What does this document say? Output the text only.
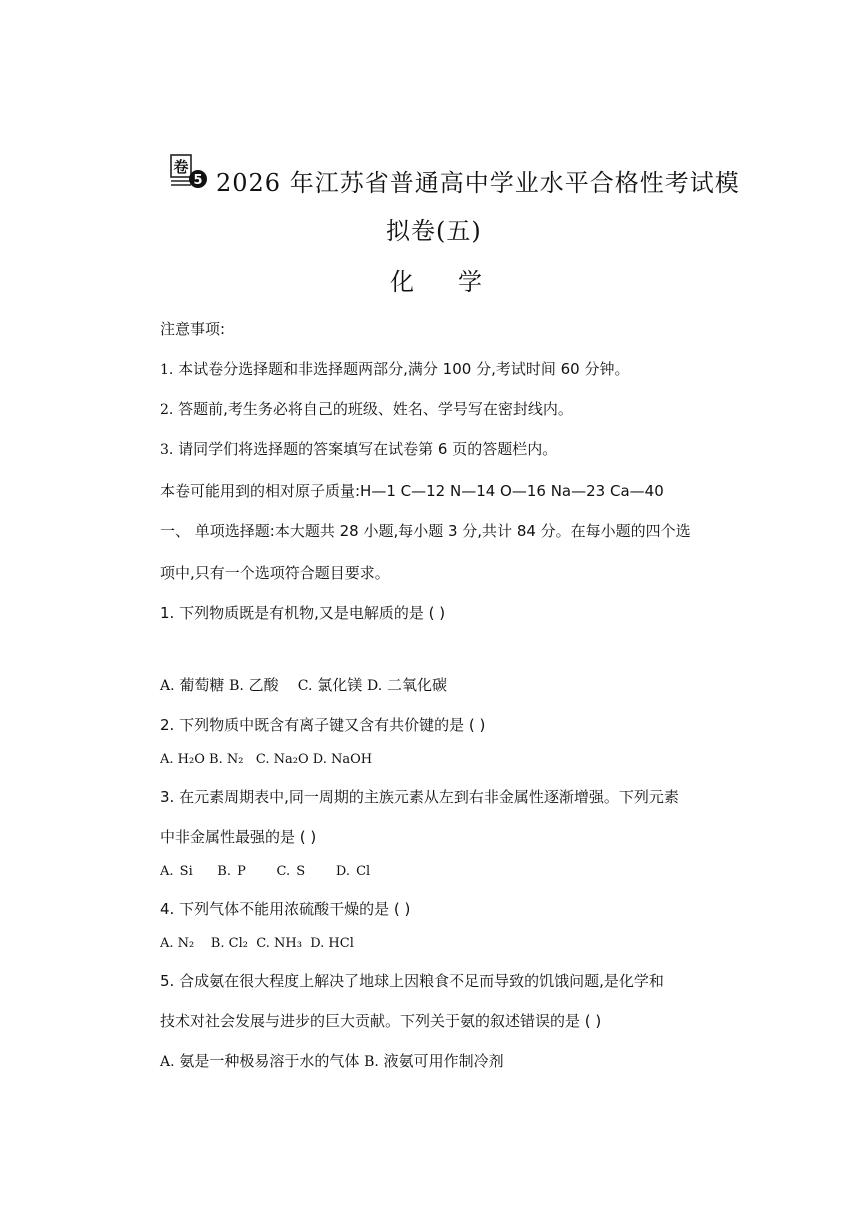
卷
5 2026 年江苏省普通高中学业水平合格性考试模
拟卷(五)
化学
注意事项:
1. 本试卷分选择题和非选择题两部分,满分 100 分,考试时间 60 分钟。
2. 答题前,考生务必将自己的班级、姓名、学号写在密封线内。
3. 请同学们将选择题的答案填写在试卷第 6 页的答题栏内。
本卷可能用到的相对原子质量:H—1 C—12 N—14 O—16 Na—23 Ca—40
一、 单项选择题:本大题共 28 小题,每小题 3 分,共计 84 分。在每小题的四个选
项中,只有一个选项符合题目要求。
1. 下列物质既是有机物,又是电解质的是 ( )
A. 葡萄糖 B. 乙酸 C. 氯化镁 D. 二氧化碳
2. 下列物质中既含有离子键又含有共价键的是 ( )
A. H₂O B. N₂ C. Na₂O D. NaOH
3. 在元素周期表中,同一周期的主族元素从左到右非金属性逐渐增强。下列元素
中非金属性最强的是 ( )
A. Si B. P C. S D. Cl
4. 下列气体不能用浓硫酸干燥的是 ( )
A. N₂ B. Cl₂ C. NH₃ D. HCl
5. 合成氨在很大程度上解决了地球上因粮食不足而导致的饥饿问题,是化学和
技术对社会发展与进步的巨大贡献。下列关于氨的叙述错误的是 ( )
A. 氨是一种极易溶于水的气体 B. 液氨可用作制冷剂
